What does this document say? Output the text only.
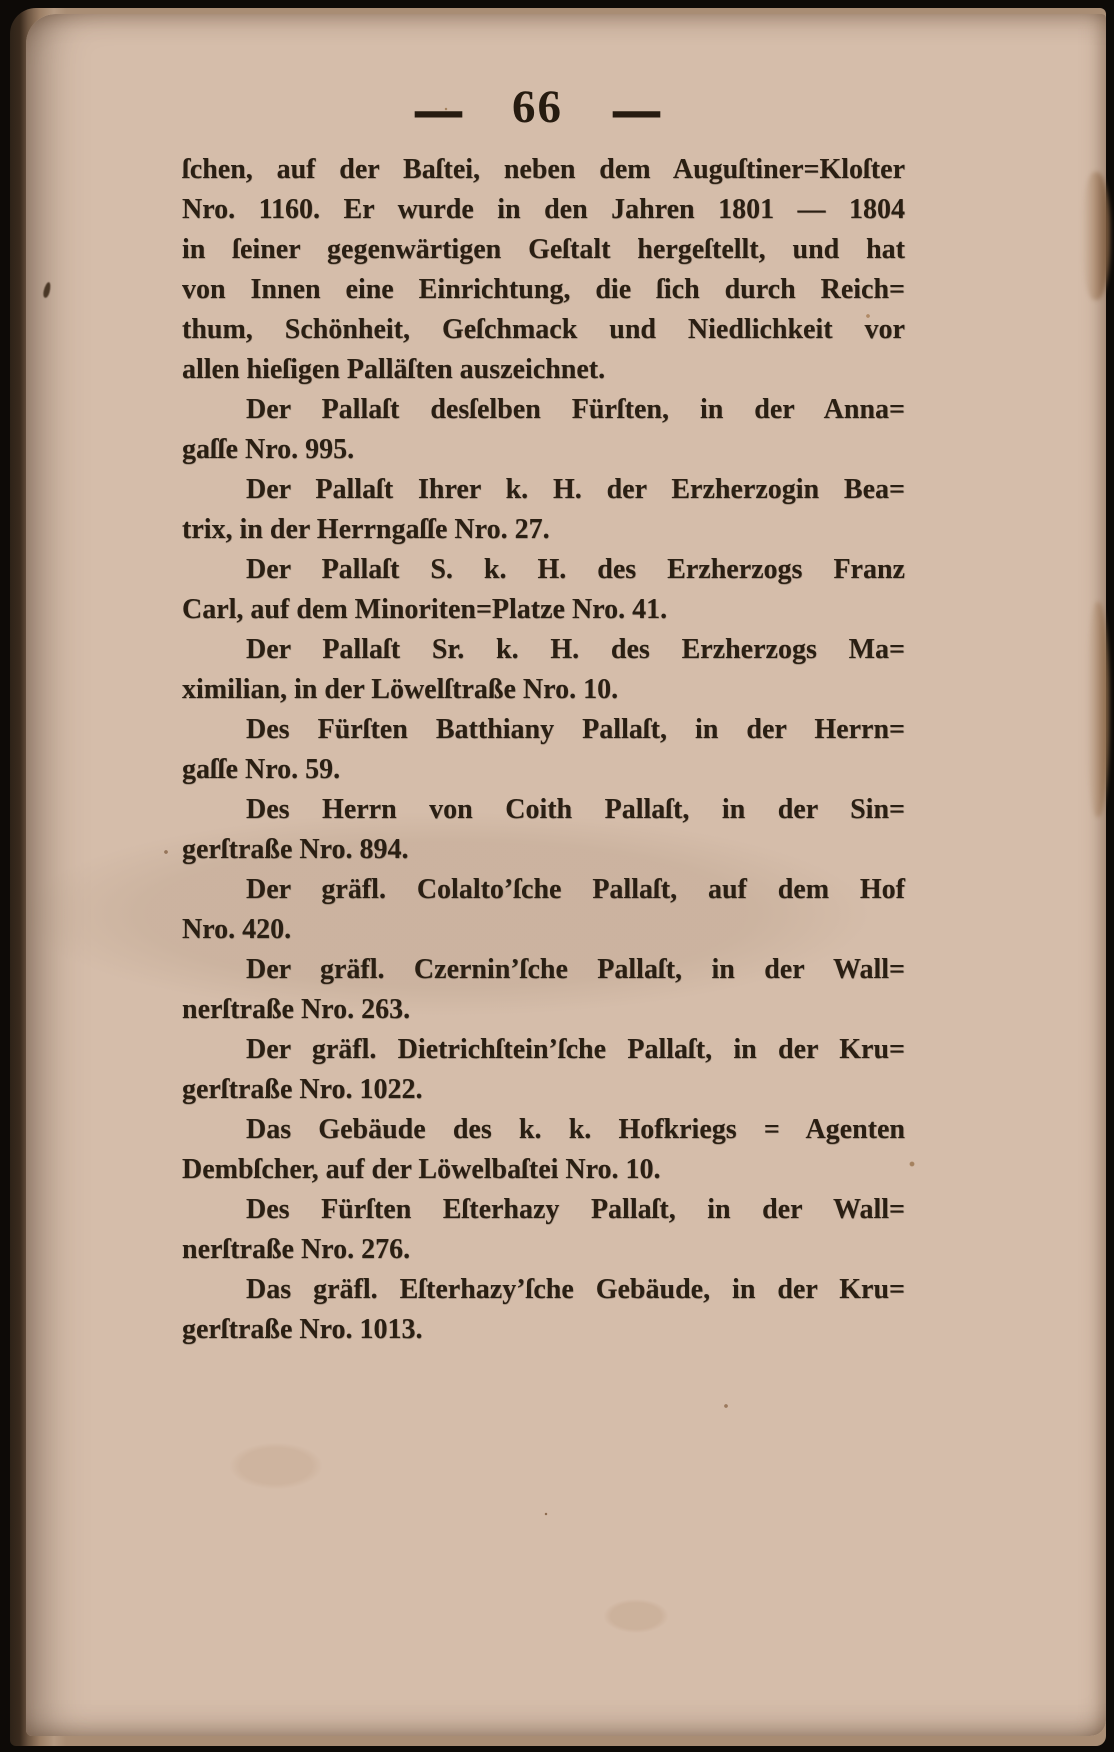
— 66 —
ſchen, auf der Baſtei, neben dem Auguſtiner=Kloſter
Nro. 1160. Er wurde in den Jahren 1801 — 1804
in ſeiner gegenwärtigen Geſtalt hergeſtellt, und hat
von Innen eine Einrichtung, die ſich durch Reich=
thum, Schönheit, Geſchmack und Niedlichkeit vor
allen hieſigen Palläſten auszeichnet.
Der Pallaſt desſelben Fürſten, in der Anna=
gaſſe Nro. 995.
Der Pallaſt Ihrer k. H. der Erzherzogin Bea=
trix, in der Herrngaſſe Nro. 27.
Der Pallaſt S. k. H. des Erzherzogs Franz
Carl, auf dem Minoriten=Platze Nro. 41.
Der Pallaſt Sr. k. H. des Erzherzogs Ma=
ximilian, in der Löwelſtraße Nro. 10.
Des Fürſten Batthiany Pallaſt, in der Herrn=
gaſſe Nro. 59.
Des Herrn von Coith Pallaſt, in der Sin=
gerſtraße Nro. 894.
Der gräfl. Colalto’ſche Pallaſt, auf dem Hof
Nro. 420.
Der gräfl. Czernin’ſche Pallaſt, in der Wall=
nerſtraße Nro. 263.
Der gräfl. Dietrichſtein’ſche Pallaſt, in der Kru=
gerſtraße Nro. 1022.
Das Gebäude des k. k. Hofkriegs = Agenten
Dembſcher, auf der Löwelbaſtei Nro. 10.
Des Fürſten Eſterhazy Pallaſt, in der Wall=
nerſtraße Nro. 276.
Das gräfl. Eſterhazy’ſche Gebäude, in der Kru=
gerſtraße Nro. 1013.
